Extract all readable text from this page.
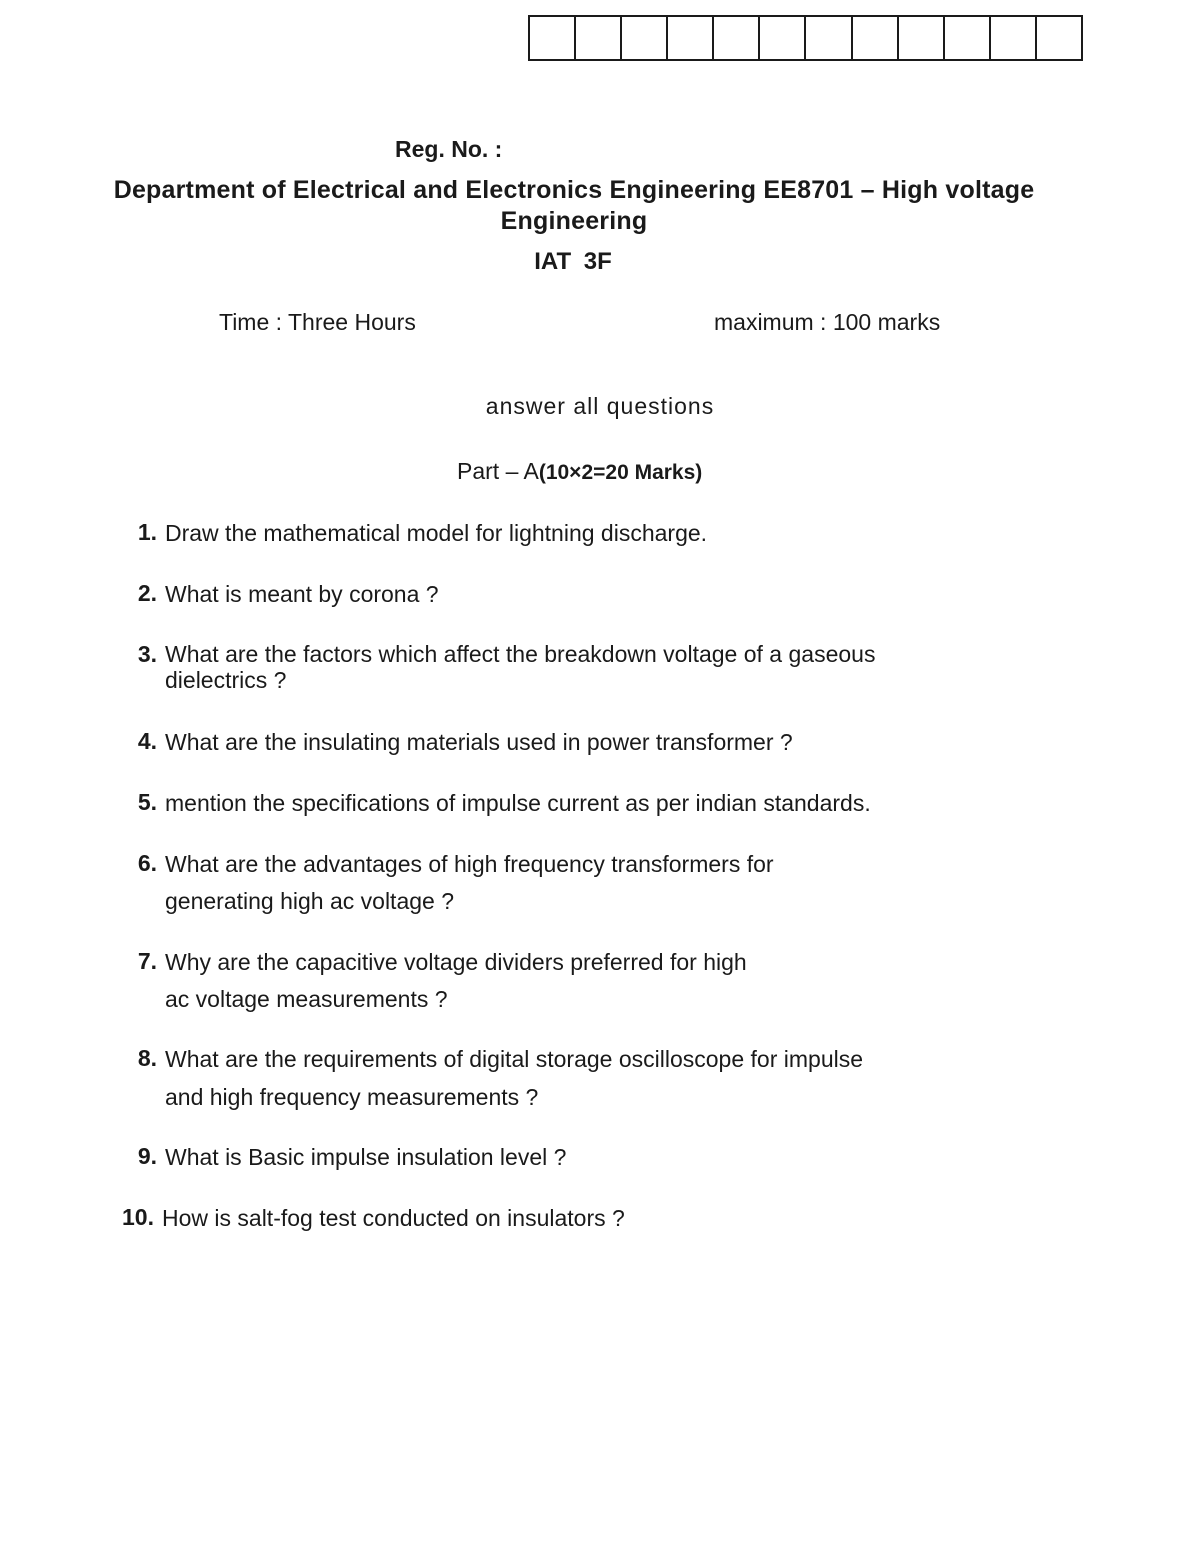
Reg. No. :
Department of Electrical and Electronics Engineering EE8701 – High voltage Engineering
IAT 3F
Time : Three Hours	maximum : 100 marks
answer all questions
Part – A(10×2=20 Marks)
1. Draw the mathematical model for lightning discharge.
2. What is meant by corona ?
3. What are the factors which affect the breakdown voltage of a gaseous
dielectrics ?
4. What are the insulating materials used in power transformer ?
5. mention the specifications of impulse current as per indian standards.
6. What are the advantages of high frequency transformers for
generating high ac voltage ?
7. Why are the capacitive voltage dividers preferred for high
ac voltage measurements ?
8. What are the requirements of digital storage oscilloscope for impulse
and high frequency measurements ?
9. What is Basic impulse insulation level ?
10. How is salt-fog test conducted on insulators ?
